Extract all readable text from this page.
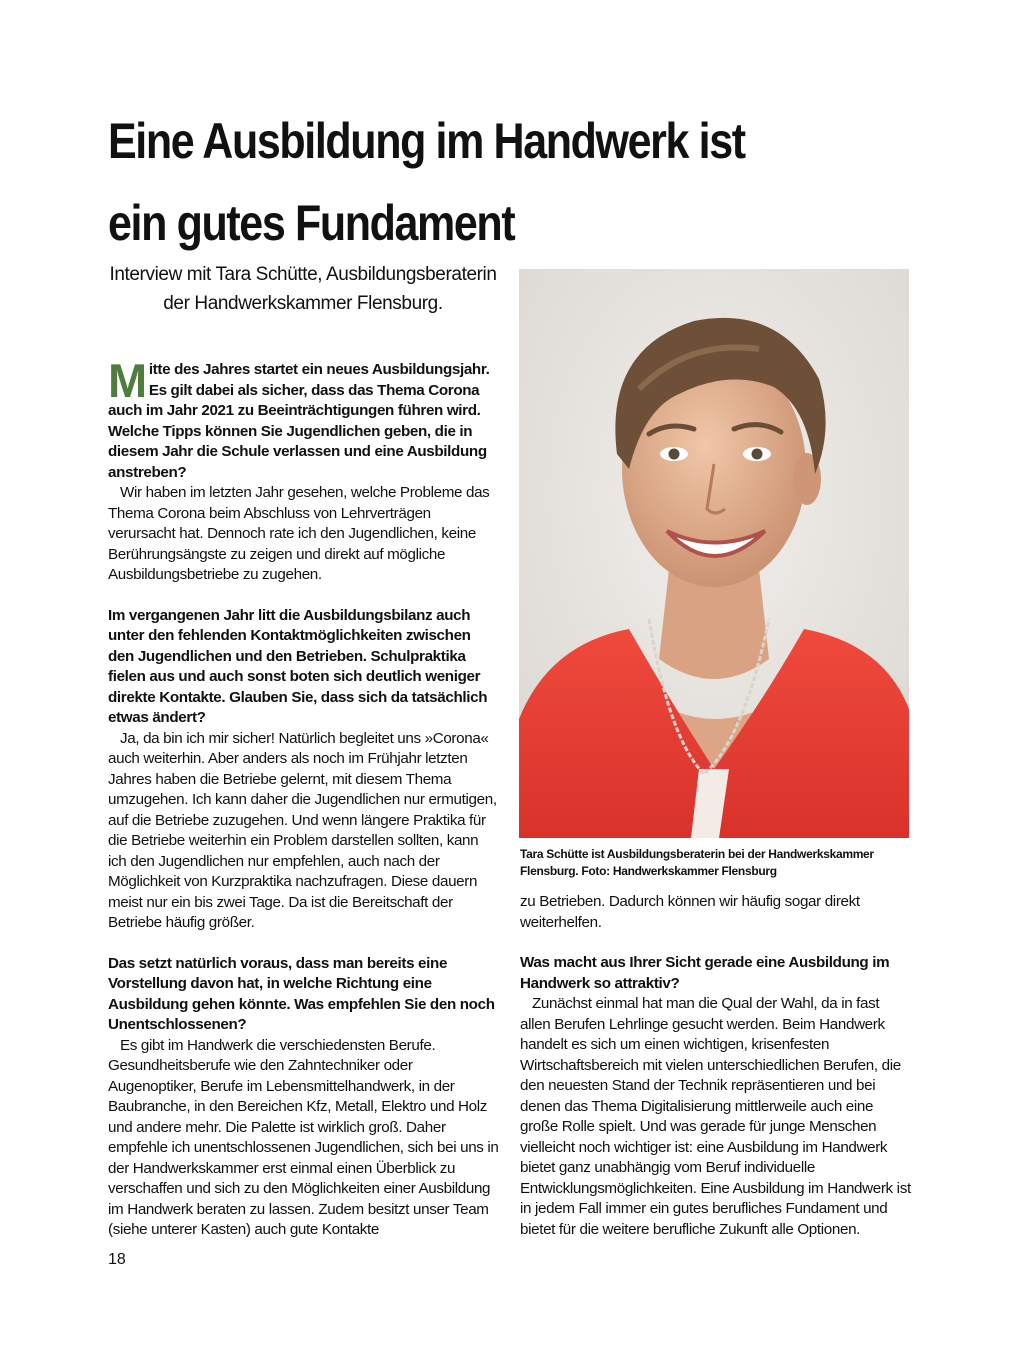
Eine Ausbildung im Handwerk ist ein gutes Fundament
Interview mit Tara Schütte, Ausbildungsberaterin der Handwerkskammer Flensburg.

Mitte des Jahres startet ein neues Ausbildungsjahr. Es gilt dabei als sicher, dass das Thema Corona auch im Jahr 2021 zu Beeinträchtigungen führen wird. Welche Tipps können Sie Jugendlichen geben, die in diesem Jahr die Schule verlassen und eine Ausbildung anstreben?

Wir haben im letzten Jahr gesehen, welche Probleme das Thema Corona beim Abschluss von Lehrverträgen verursacht hat. Dennoch rate ich den Jugendlichen, keine Berührungsängste zu zeigen und direkt auf mögliche Ausbildungsbetriebe zu zugehen.

Im vergangenen Jahr litt die Ausbildungsbilanz auch unter den fehlenden Kontaktmöglichkeiten zwischen den Jugendlichen und den Betrieben. Schulpraktika fielen aus und auch sonst boten sich deutlich weniger direkte Kontakte. Glauben Sie, dass sich da tatsächlich etwas ändert?

Ja, da bin ich mir sicher! Natürlich begleitet uns »Corona« auch weiterhin. Aber anders als noch im Frühjahr letzten Jahres haben die Betriebe gelernt, mit diesem Thema umzugehen. Ich kann daher die Jugendlichen nur ermutigen, auf die Betriebe zuzugehen. Und wenn längere Praktika für die Betriebe weiterhin ein Problem darstellen sollten, kann ich den Jugendlichen nur empfehlen, auch nach der Möglichkeit von Kurzpraktika nachzufragen. Diese dauern meist nur ein bis zwei Tage. Da ist die Bereitschaft der Betriebe häufig größer.

Das setzt natürlich voraus, dass man bereits eine Vorstellung davon hat, in welche Richtung eine Ausbildung gehen könnte. Was empfehlen Sie den noch Unentschlossenen?

Es gibt im Handwerk die verschiedensten Berufe. Gesundheitsberufe wie den Zahntechniker oder Augenoptiker, Berufe im Lebensmittelhandwerk, in der Baubranche, in den Bereichen Kfz, Metall, Elektro und Holz und andere mehr. Die Palette ist wirklich groß. Daher empfehle ich unentschlossenen Jugendlichen, sich bei uns in der Handwerkskammer erst einmal einen Überblick zu verschaffen und sich zu den Möglichkeiten einer Ausbildung im Handwerk beraten zu lassen. Zudem besitzt unser Team (siehe unterer Kasten) auch gute Kontakte

Tara Schütte ist Ausbildungsberaterin bei der Handwerkskammer Flensburg. Foto: Handwerkskammer Flensburg

zu Betrieben. Dadurch können wir häufig sogar direkt weiterhelfen.

Was macht aus Ihrer Sicht gerade eine Ausbildung im Handwerk so attraktiv?

Zunächst einmal hat man die Qual der Wahl, da in fast allen Berufen Lehrlinge gesucht werden. Beim Handwerk handelt es sich um einen wichtigen, krisenfesten Wirtschaftsbereich mit vielen unterschiedlichen Berufen, die den neuesten Stand der Technik repräsentieren und bei denen das Thema Digitalisierung mittlerweile auch eine große Rolle spielt. Und was gerade für junge Menschen vielleicht noch wichtiger ist: eine Ausbildung im Handwerk bietet ganz unabhängig vom Beruf individuelle Entwicklungsmöglichkeiten. Eine Ausbildung im Handwerk ist in jedem Fall immer ein gutes berufliches Fundament und bietet für die weitere berufliche Zukunft alle Optionen.

18
